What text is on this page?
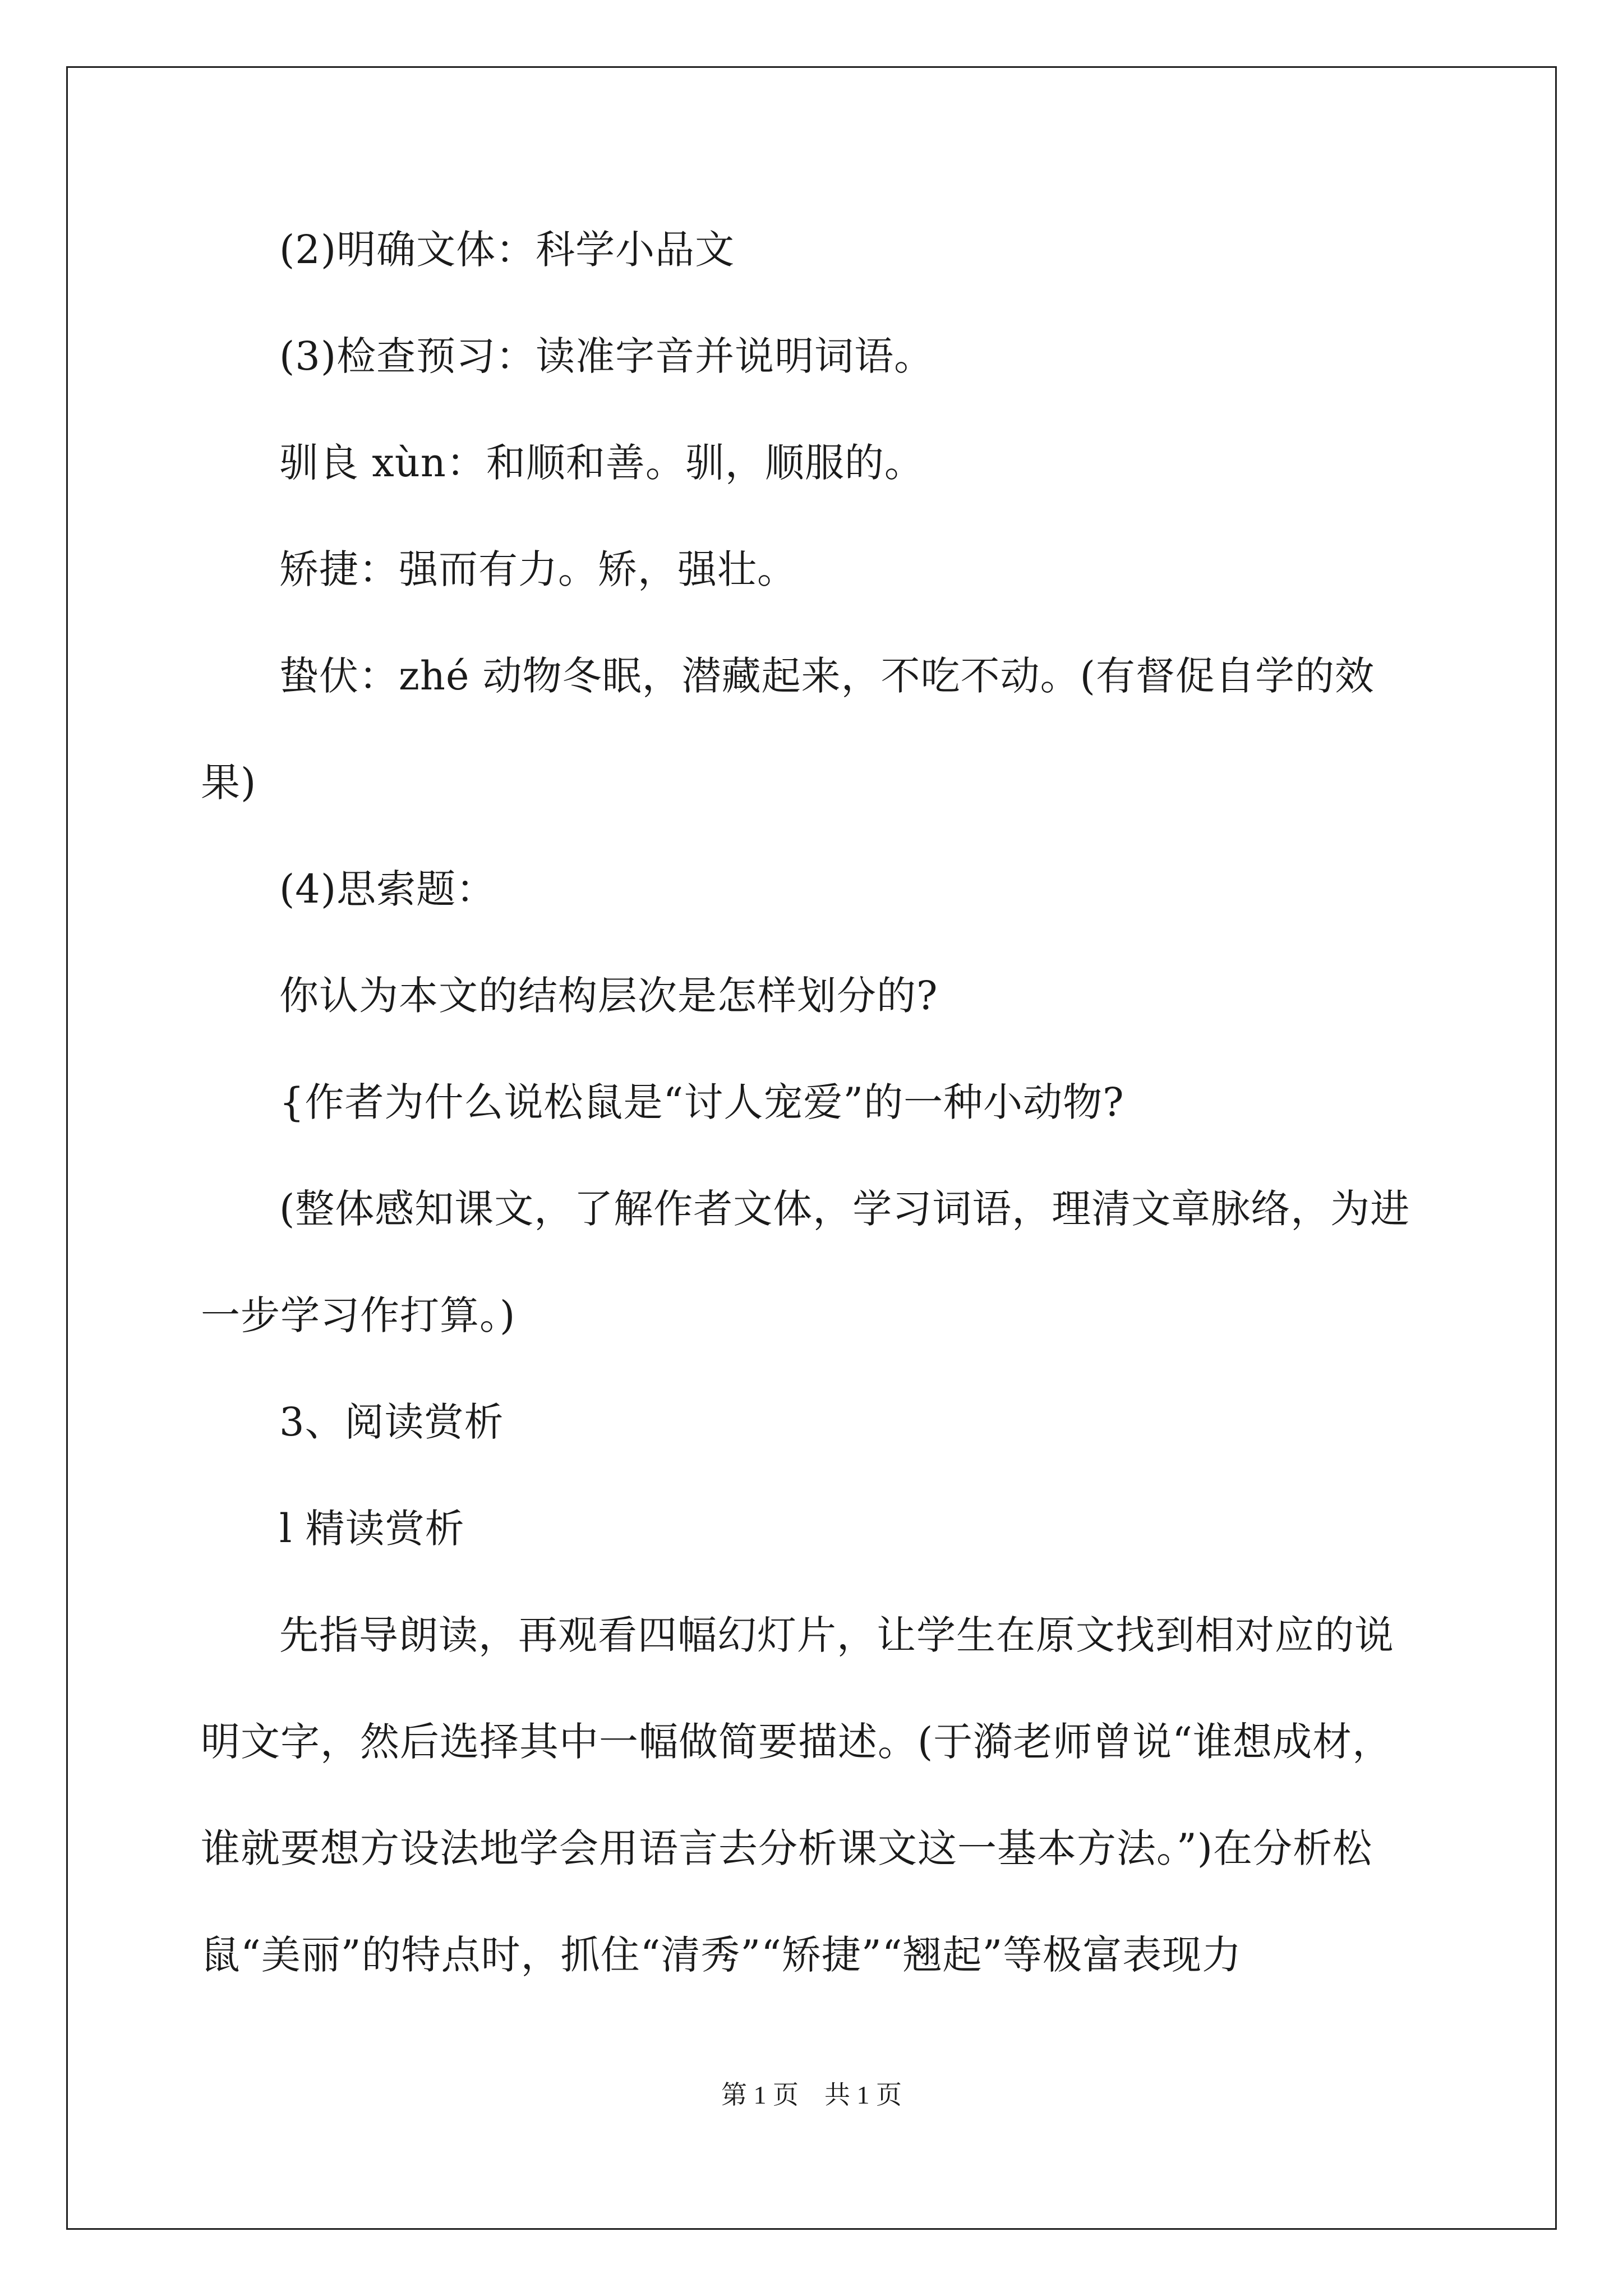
(2)明确文体：科学小品文
(3)检查预习：读准字音并说明词语。
驯良 xùn：和顺和善。驯，顺服的。
矫捷：强而有力。矫，强壮。
蛰伏：zhé 动物冬眠，潜藏起来，不吃不动。(有督促自学的效
果)
(4)思索题：
你认为本文的结构层次是怎样划分的?
{作者为什么说松鼠是“讨人宠爱”的一种小动物?
(整体感知课文，了解作者文体，学习词语，理清文章脉络，为进
一步学习作打算。)
3、阅读赏析
l 精读赏析
先指导朗读，再观看四幅幻灯片，让学生在原文找到相对应的说
明文字，然后选择其中一幅做简要描述。(于漪老师曾说“谁想成材，
谁就要想方设法地学会用语言去分析课文这一基本方法。”)在分析松
鼠“美丽”的特点时，抓住“清秀”“矫捷”“翘起”等极富表现力
第 1 页　共 1 页
